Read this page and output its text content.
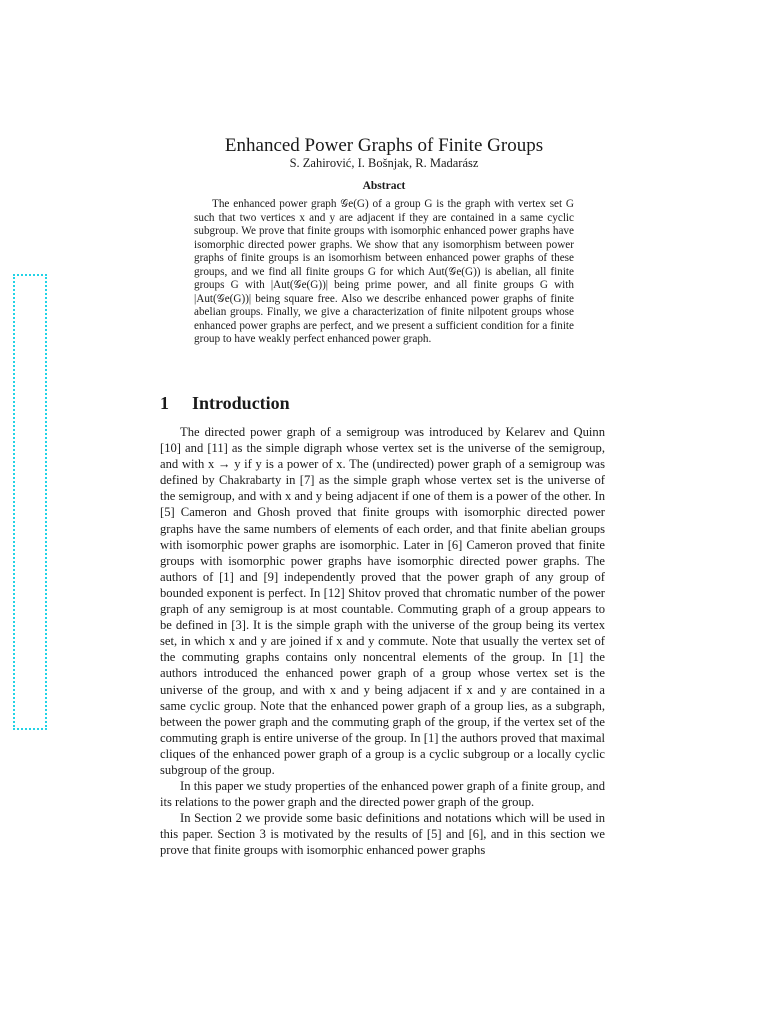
Enhanced Power Graphs of Finite Groups
S. Zahirović, I. Bošnjak, R. Madarász
Abstract

The enhanced power graph 𝒢e(G) of a group G is the graph with vertex set G such that two vertices x and y are adjacent if they are contained in a same cyclic subgroup. We prove that finite groups with isomorphic enhanced power graphs have isomorphic directed power graphs. We show that any isomorphism between power graphs of finite groups is an isomorhism between enhanced power graphs of these groups, and we find all finite groups G for which Aut(𝒢e(G)) is abelian, all finite groups G with |Aut(𝒢e(G))| being prime power, and all finite groups G with |Aut(𝒢e(G))| being square free. Also we describe enhanced power graphs of finite abelian groups. Finally, we give a characterization of finite nilpotent groups whose enhanced power graphs are perfect, and we present a sufficient condition for a finite group to have weakly perfect enhanced power graph.

1 Introduction

The directed power graph of a semigroup was introduced by Kelarev and Quinn [10] and [11] as the simple digraph whose vertex set is the universe of the semigroup, and with x → y if y is a power of x. The (undirected) power graph of a semigroup was defined by Chakrabarty in [7] as the simple graph whose vertex set is the universe of the semigroup, and with x and y being adjacent if one of them is a power of the other. In [5] Cameron and Ghosh proved that finite groups with isomorphic directed power graphs have the same numbers of elements of each order, and that finite abelian groups with isomorphic power graphs are isomorphic. Later in [6] Cameron proved that finite groups with isomorphic power graphs have isomorphic directed power graphs. The authors of [1] and [9] independently proved that the power graph of any group of bounded exponent is perfect. In [12] Shitov proved that chromatic number of the power graph of any semigroup is at most countable. Commuting graph of a group appears to be defined in [3]. It is the simple graph with the universe of the group being its vertex set, in which x and y are joined if x and y commute. Note that usually the vertex set of the commuting graphs contains only noncentral elements of the group. In [1] the authors introduced the enhanced power graph of a group whose vertex set is the universe of the group, and with x and y being adjacent if x and y are contained in a same cyclic group. Note that the enhanced power graph of a group lies, as a subgraph, between the power graph and the commuting graph of the group, if the vertex set of the commuting graph is entire universe of the group. In [1] the authors proved that maximal cliques of the enhanced power graph of a group is a cyclic subgroup or a locally cyclic subgroup of the group.

In this paper we study properties of the enhanced power graph of a finite group, and its relations to the power graph and the directed power graph of the group.

In Section 2 we provide some basic definitions and notations which will be used in this paper. Section 3 is motivated by the results of [5] and [6], and in this section we prove that finite groups with isomorphic enhanced power graphs
